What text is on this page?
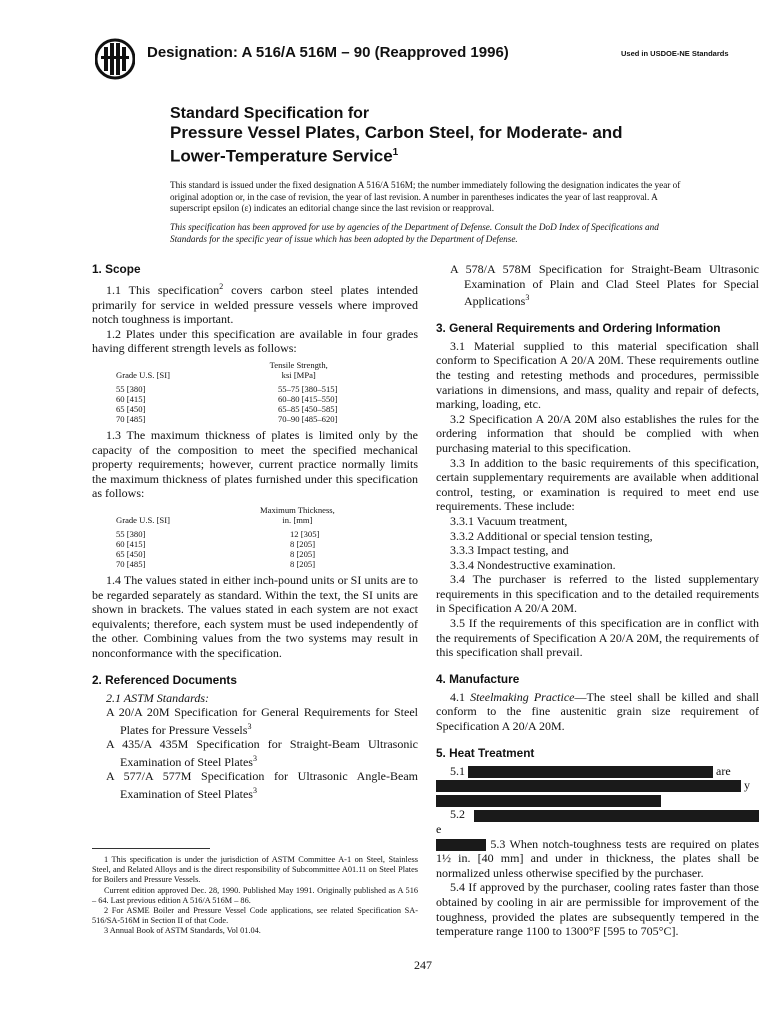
Designation: A 516/A 516M – 90 (Reapproved 1996)	Used in USDOE-NE Standards
Standard Specification for
Pressure Vessel Plates, Carbon Steel, for Moderate- and
Lower-Temperature Service$^1$
This standard is issued under the fixed designation A 516/A 516M; the number immediately following the designation indicates the year of original adoption or, in the case of revision, the year of last revision. A number in parentheses indicates the year of last reapproval. A superscript epsilon (ε) indicates an editorial change since the last revision or reapproval.
This specification has been approved for use by agencies of the Department of Defense. Consult the DoD Index of Specifications and Standards for the specific year of issue which has been adopted by the Department of Defense.
1. Scope

1.1 This specification$^2$ covers carbon steel plates intended primarily for service in welded pressure vessels where improved notch toughness is important.

1.2 Plates under this specification are available in four grades having different strength levels as follows:

	Tensile Strength,
Grade U.S. [SI]	ksi [MPa]

55 [380]	55–75 [380–515]
60 [415]	60–80 [415–550]
65 [450]	65–85 [450–585]
70 [485]	70–90 [485–620]

1.3 The maximum thickness of plates is limited only by the capacity of the composition to meet the specified mechanical property requirements; however, current practice normally limits the maximum thickness of plates furnished under this specification as follows:

	Maximum Thickness,
Grade U.S. [SI]	in. [mm]

55 [380]	12 [305]
60 [415]	8 [205]
65 [450]	8 [205]
70 [485]	8 [205]

1.4 The values stated in either inch-pound units or SI units are to be regarded separately as standard. Within the text, the SI units are shown in brackets. The values stated in each system are not exact equivalents; therefore, each system must be used independently of the other. Combining values from the two systems may result in nonconformance with the specification.

2. Referenced Documents

2.1 ASTM Standards:

A 20/A 20M Specification for General Requirements for Steel Plates for Pressure Vessels$^3$

A 435/A 435M Specification for Straight-Beam Ultrasonic Examination of Steel Plates$^3$

A 577/A 577M Specification for Ultrasonic Angle-Beam Examination of Steel Plates$^3$

1 This specification is under the jurisdiction of ASTM Committee A-1 on Steel, Stainless Steel, and Related Alloys and is the direct responsibility of Subcommittee A01.11 on Steel Plates for Boilers and Pressure Vessels.

Current edition approved Dec. 28, 1990. Published May 1991. Originally published as A 516 – 64. Last previous edition A 516/A 516M – 86.

2 For ASME Boiler and Pressure Vessel Code applications, see related Specification SA-516/SA-516M in Section II of that Code.

3 Annual Book of ASTM Standards, Vol 01.04.

A 578/A 578M Specification for Straight-Beam Ultrasonic Examination of Plain and Clad Steel Plates for Special Applications$^3$

3. General Requirements and Ordering Information

3.1 Material supplied to this material specification shall conform to Specification A 20/A 20M. These requirements outline the testing and retesting methods and procedures, permissible variations in dimensions, and mass, quality and repair of defects, marking, loading, etc.

3.2 Specification A 20/A 20M also establishes the rules for the ordering information that should be complied with when purchasing material to this specification.

3.3 In addition to the basic requirements of this specification, certain supplementary requirements are available when additional control, testing, or examination is required to meet end use requirements. These include:

3.3.1 Vacuum treatment,

3.3.2 Additional or special tension testing,

3.3.3 Impact testing, and

3.3.4 Nondestructive examination.

3.4 The purchaser is referred to the listed supplementary requirements in this specification and to the detailed requirements in Specification A 20/A 20M.

3.5 If the requirements of this specification are in conflict with the requirements of Specification A 20/A 20M, the requirements of this specification shall prevail.

4. Manufacture

4.1 Steelmaking Practice—The steel shall be killed and shall conform to the fine austenitic grain size requirement of Specification A 20/A 20M.

5. Heat Treatment

5.1	are

y

5.2  e

5.3 When notch-toughness tests are required on plates 1½ in. [40 mm] and under in thickness, the plates shall be normalized unless otherwise specified by the purchaser.

5.4 If approved by the purchaser, cooling rates faster than those obtained by cooling in air are permissible for improvement of the toughness, provided the plates are subsequently tempered in the temperature range 1100 to 1300°F [595 to 705°C].

247
